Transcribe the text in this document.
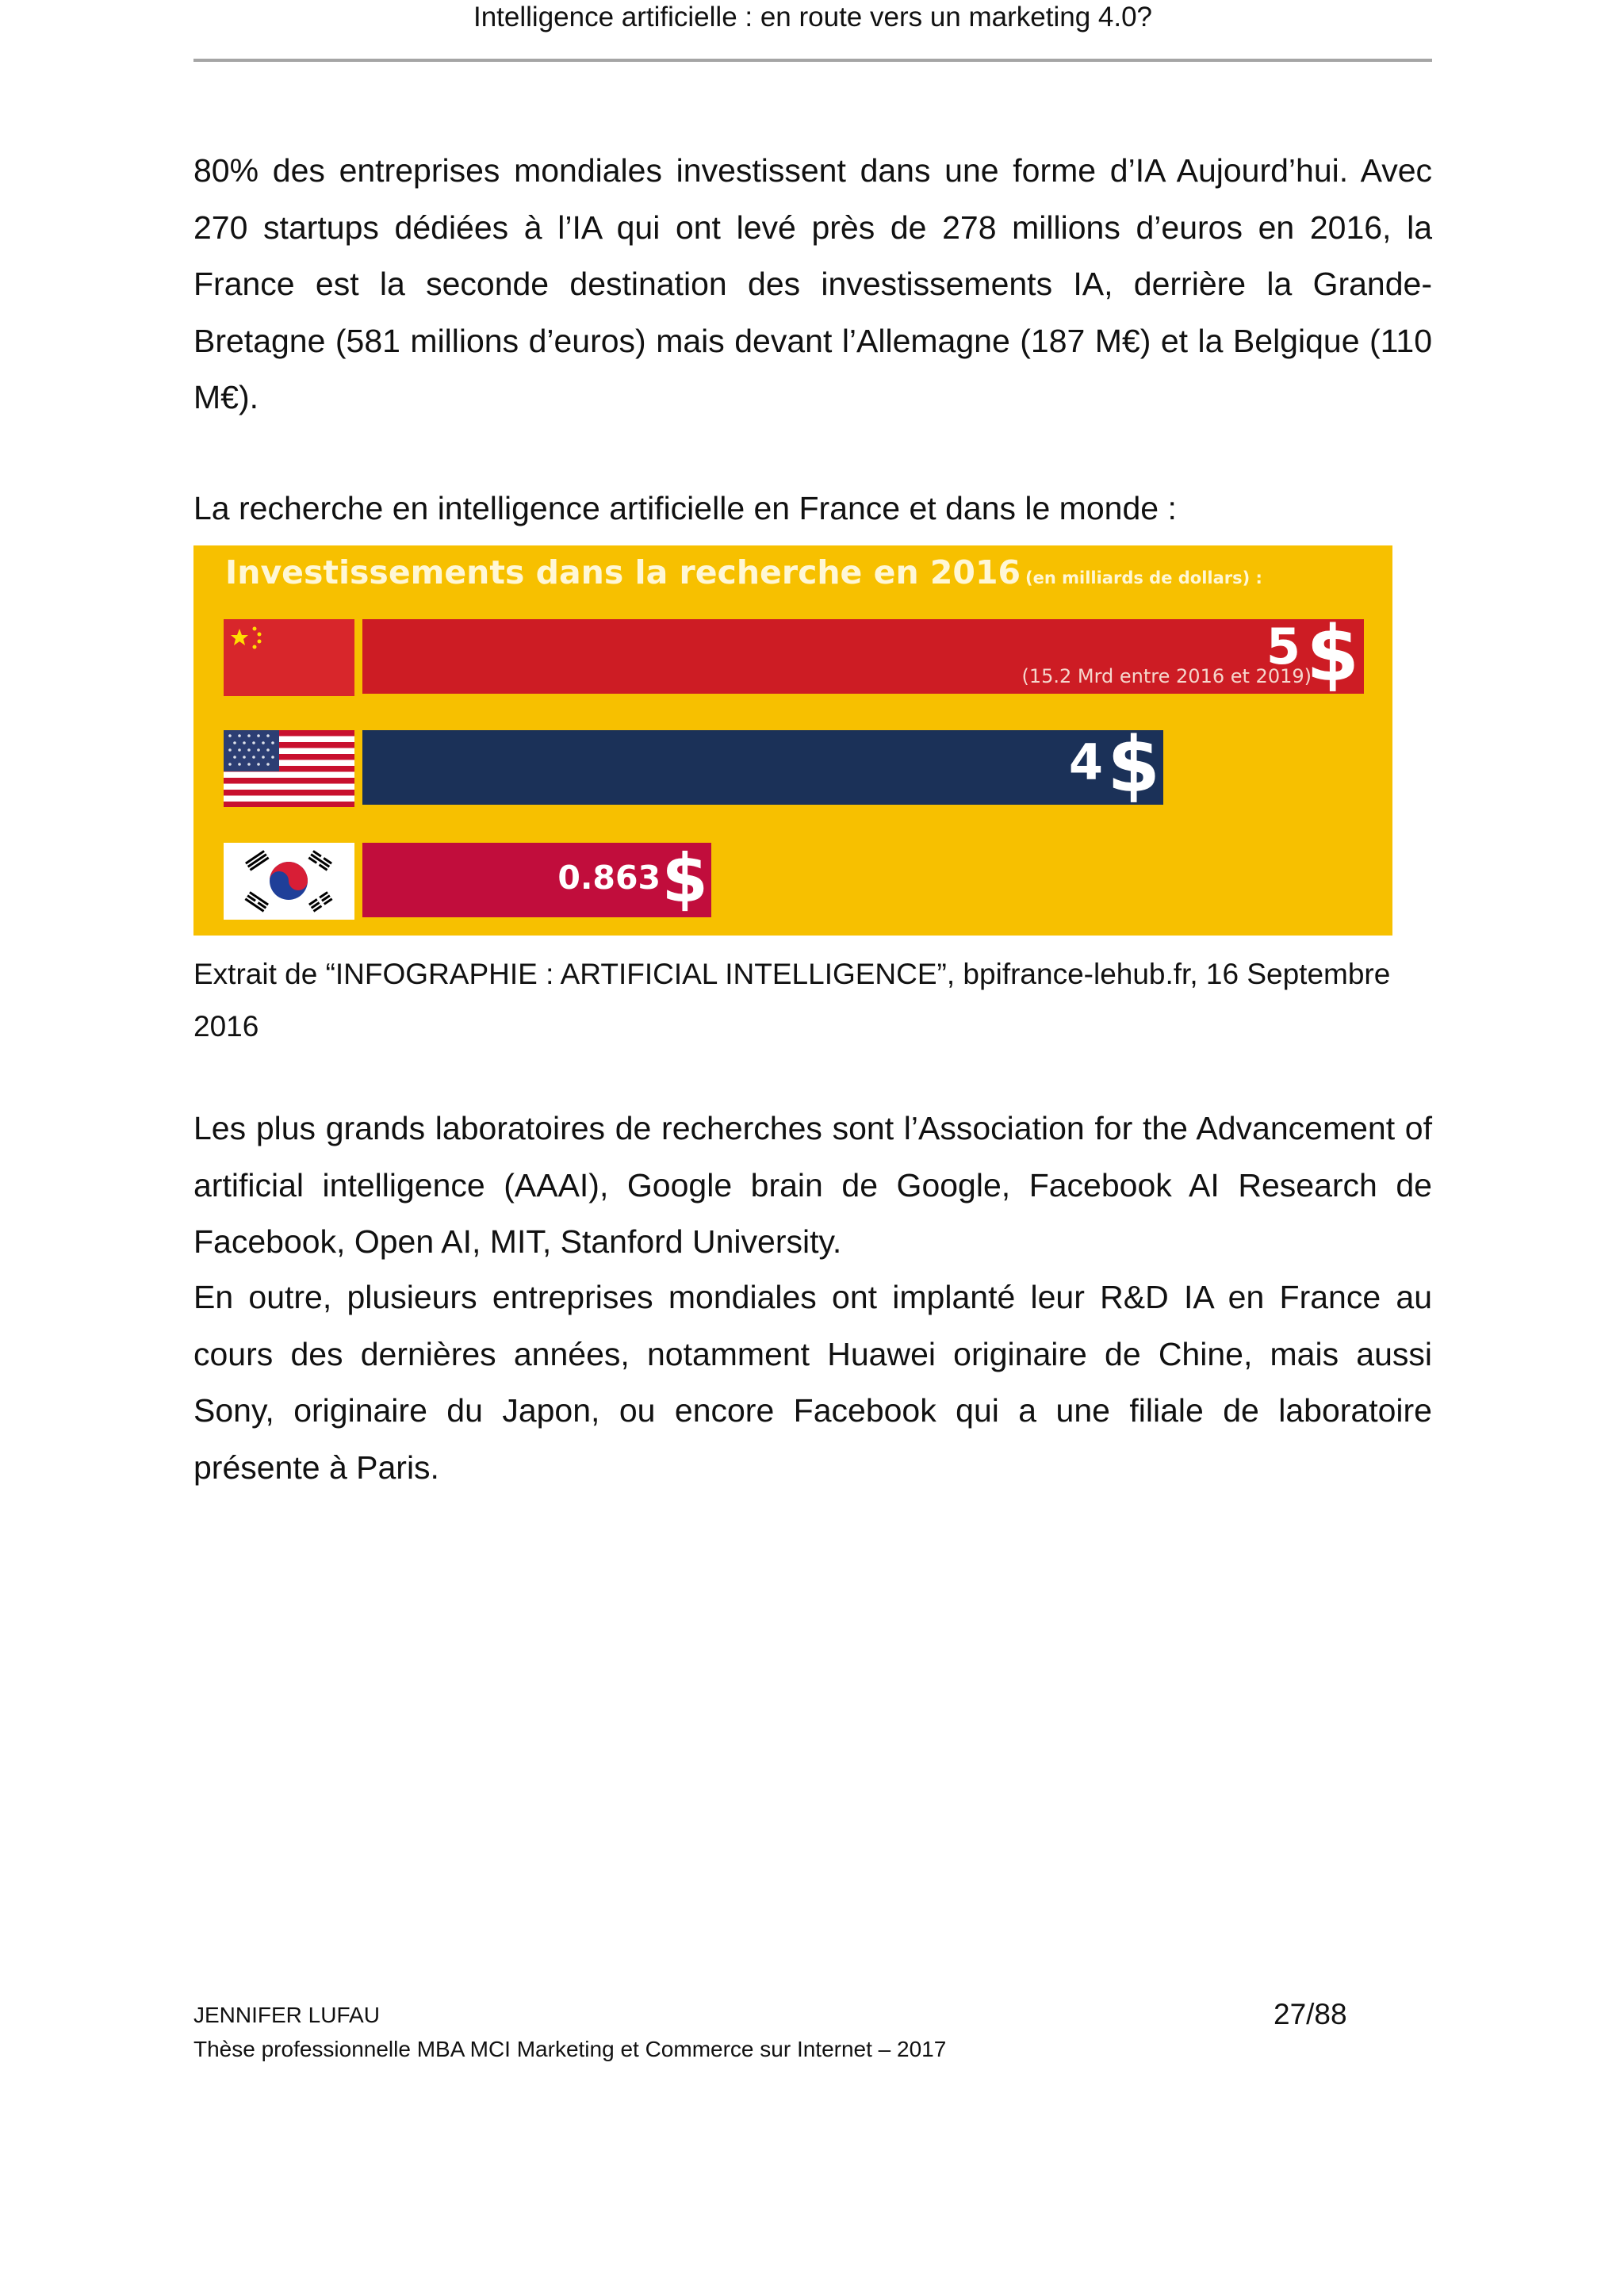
Intelligence artificielle : en route vers un marketing 4.0?

80% des entreprises mondiales investissent dans une forme d’IA Aujourd’hui. Avec 270 startups dédiées à l’IA qui ont levé près de 278 millions d’euros en 2016, la France est la seconde destination des investissements IA, derrière la Grande-Bretagne (581 millions d’euros) mais devant l’Allemagne (187 M€) et la Belgique (110 M€).

La recherche en intelligence artificielle en France et dans le monde :

Investissements dans la recherche en 2016 (en milliards de dollars) :
5 $
(15.2 Mrd entre 2016 et 2019)
4 $
0.863 $

Extrait de “INFOGRAPHIE : ARTIFICIAL INTELLIGENCE”, bpifrance-lehub.fr, 16 Septembre 2016

Les plus grands laboratoires de recherches sont l’Association for the Advancement of artificial intelligence (AAAI), Google brain de Google, Facebook AI Research de Facebook, Open AI, MIT, Stanford University.

En outre, plusieurs entreprises mondiales ont implanté leur R&D IA en France au cours des dernières années, notamment Huawei originaire de Chine, mais aussi Sony, originaire du Japon, ou encore Facebook qui a une filiale de laboratoire présente à Paris.

JENNIFER LUFAU	27/88
Thèse professionnelle MBA MCI Marketing et Commerce sur Internet – 2017
